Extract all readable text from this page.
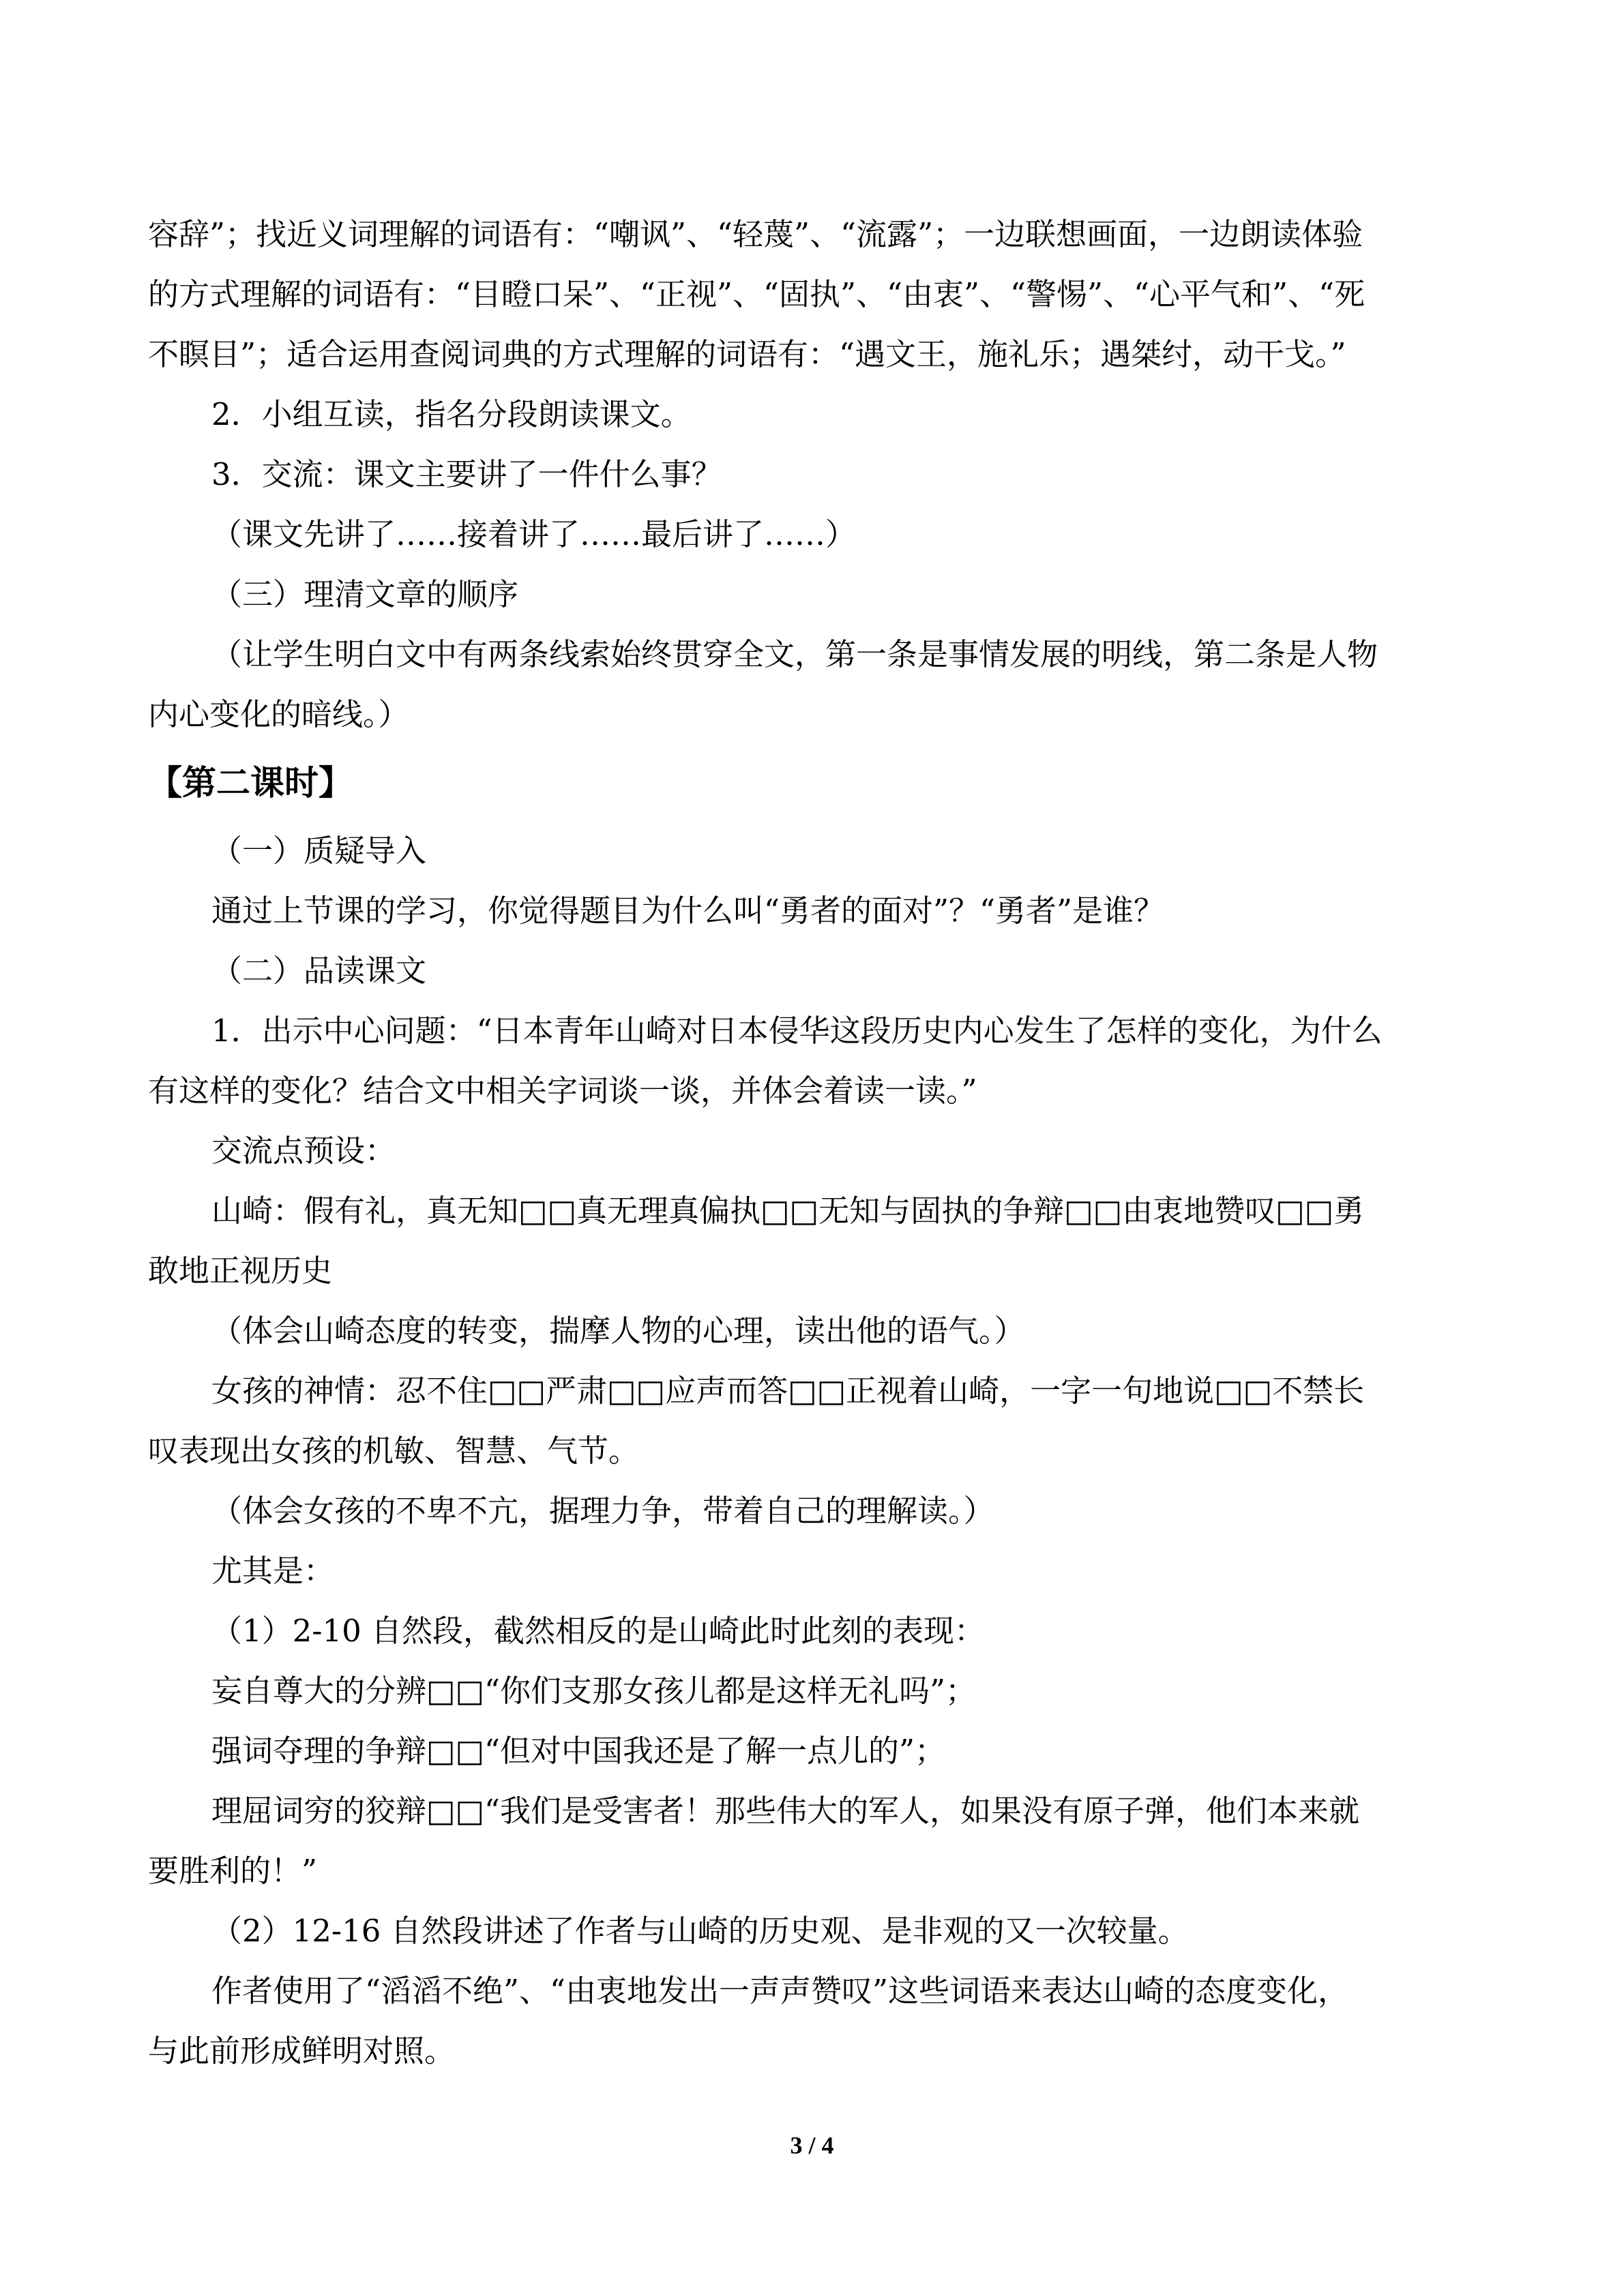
容辞”；找近义词理解的词语有：“嘲讽”、“轻蔑”、“流露”；一边联想画面，一边朗读体验
的方式理解的词语有：“目瞪口呆”、“正视”、“固执”、“由衷”、“警惕”、“心平气和”、“死
不瞑目”；适合运用查阅词典的方式理解的词语有：“遇文王，施礼乐；遇桀纣，动干戈。”
2．小组互读，指名分段朗读课文。
3．交流：课文主要讲了一件什么事？
（课文先讲了……接着讲了……最后讲了……）
（三）理清文章的顺序
（让学生明白文中有两条线索始终贯穿全文，第一条是事情发展的明线，第二条是人物
内心变化的暗线。）
【第二课时】
（一）质疑导入
通过上节课的学习，你觉得题目为什么叫“勇者的面对”？“勇者”是谁？
（二）品读课文
1．出示中心问题：“日本青年山崎对日本侵华这段历史内心发生了怎样的变化，为什么
有这样的变化？结合文中相关字词谈一谈，并体会着读一读。”
交流点预设：
山崎：假有礼，真无知□□真无理真偏执□□无知与固执的争辩□□由衷地赞叹□□勇
敢地正视历史
（体会山崎态度的转变，揣摩人物的心理，读出他的语气。）
女孩的神情：忍不住□□严肃□□应声而答□□正视着山崎，一字一句地说□□不禁长
叹表现出女孩的机敏、智慧、气节。
（体会女孩的不卑不亢，据理力争，带着自己的理解读。）
尤其是：
（1）2-10 自然段，截然相反的是山崎此时此刻的表现：
妄自尊大的分辨□□“你们支那女孩儿都是这样无礼吗”；
强词夺理的争辩□□“但对中国我还是了解一点儿的”；
理屈词穷的狡辩□□“我们是受害者！那些伟大的军人，如果没有原子弹，他们本来就
要胜利的！”
（2）12-16 自然段讲述了作者与山崎的历史观、是非观的又一次较量。
作者使用了“滔滔不绝”、“由衷地发出一声声赞叹”这些词语来表达山崎的态度变化，
与此前形成鲜明对照。
3 / 4
